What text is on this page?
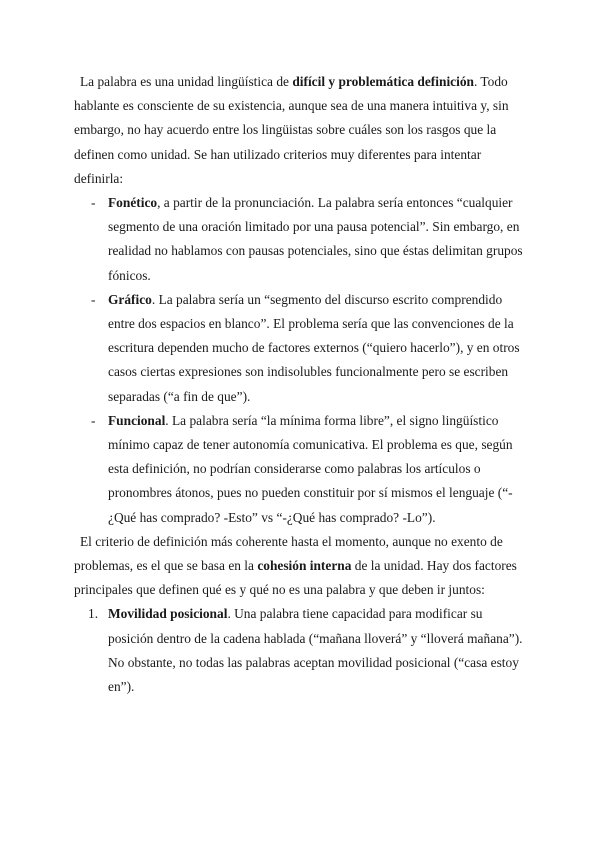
La palabra es una unidad lingüística de difícil y problemática definición. Todo hablante es consciente de su existencia, aunque sea de una manera intuitiva y, sin embargo, no hay acuerdo entre los lingüistas sobre cuáles son los rasgos que la definen como unidad. Se han utilizado criterios muy diferentes para intentar definirla:

- Fonético, a partir de la pronunciación. La palabra sería entonces “cualquier segmento de una oración limitado por una pausa potencial”. Sin embargo, en realidad no hablamos con pausas potenciales, sino que éstas delimitan grupos fónicos.
- Gráfico. La palabra sería un “segmento del discurso escrito comprendido entre dos espacios en blanco”. El problema sería que las convenciones de la escritura dependen mucho de factores externos (“quiero hacerlo”), y en otros casos ciertas expresiones son indisolubles funcionalmente pero se escriben separadas (“a fin de que”).
- Funcional. La palabra sería “la mínima forma libre”, el signo lingüístico mínimo capaz de tener autonomía comunicativa. El problema es que, según esta definición, no podrían considerarse como palabras los artículos o pronombres átonos, pues no pueden constituir por sí mismos el lenguaje (“-¿Qué has comprado? -Esto” vs “-¿Qué has comprado? -Lo”).

El criterio de definición más coherente hasta el momento, aunque no exento de problemas, es el que se basa en la cohesión interna de la unidad. Hay dos factores principales que definen qué es y qué no es una palabra y que deben ir juntos:

1. Movilidad posicional. Una palabra tiene capacidad para modificar su posición dentro de la cadena hablada (“mañana lloverá” y “lloverá mañana”). No obstante, no todas las palabras aceptan movilidad posicional (“casa estoy en”).
